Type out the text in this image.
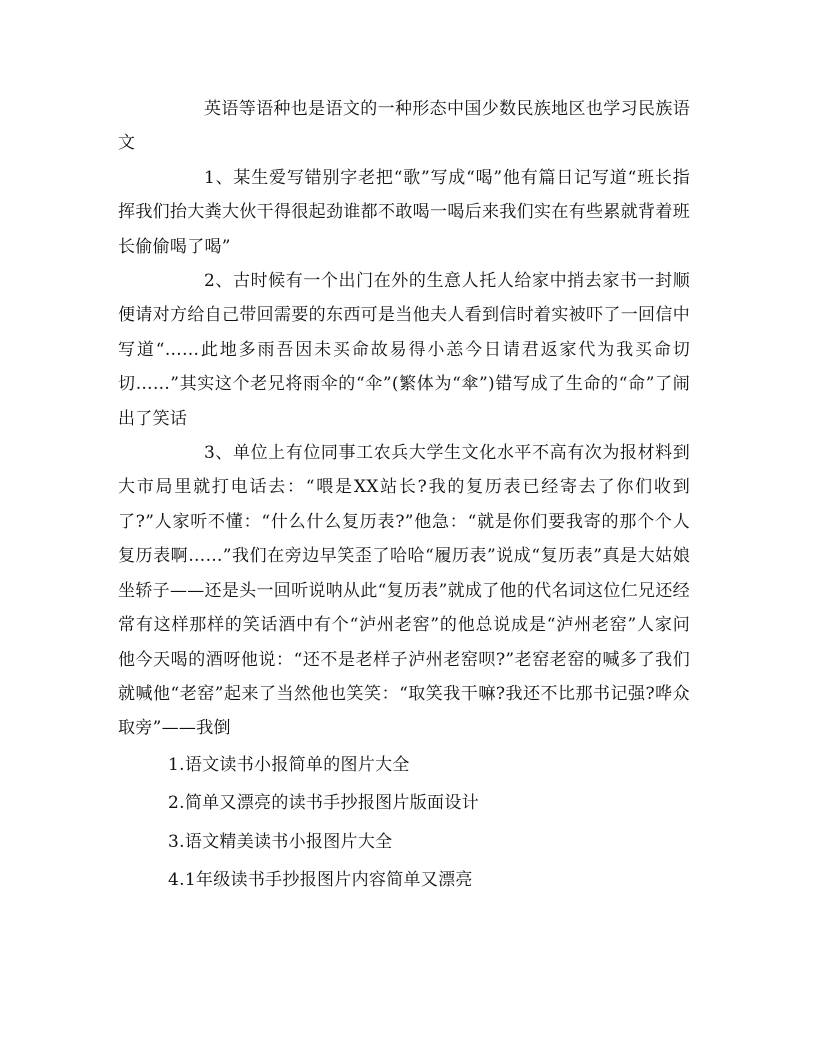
英语等语种也是语文的一种形态中国少数民族地区也学习民族语文

1、某生爱写错别字老把“歌”写成“喝”他有篇日记写道“班长指挥我们抬大粪大伙干得很起劲谁都不敢喝一喝后来我们实在有些累就背着班长偷偷喝了喝”

2、古时候有一个出门在外的生意人托人给家中捎去家书一封顺便请对方给自己带回需要的东西可是当他夫人看到信时着实被吓了一回信中写道“……此地多雨吾因未买命故易得小恙今日请君返家代为我买命切切……”其实这个老兄将雨伞的“伞”(繁体为“傘”)错写成了生命的“命”了闹出了笑话

3、单位上有位同事工农兵大学生文化水平不高有次为报材料到大市局里就打电话去：“喂是XX站长?我的复历表已经寄去了你们收到了?”人家听不懂：“什么什么复历表?”他急：“就是你们要我寄的那个个人复历表啊……”我们在旁边早笑歪了哈哈“履历表”说成“复历表”真是大姑娘坐轿子——还是头一回听说呐从此“复历表”就成了他的代名词这位仁兄还经常有这样那样的笑话酒中有个“泸州老窖”的他总说成是“泸州老窑”人家问他今天喝的酒呀他说：“还不是老样子泸州老窑呗?”老窑老窑的喊多了我们就喊他“老窑”起来了当然他也笑笑：“取笑我干嘛?我还不比那书记强?哗众取旁”——我倒

1.语文读书小报简单的图片大全
2.简单又漂亮的读书手抄报图片版面设计
3.语文精美读书小报图片大全
4.1年级读书手抄报图片内容简单又漂亮
